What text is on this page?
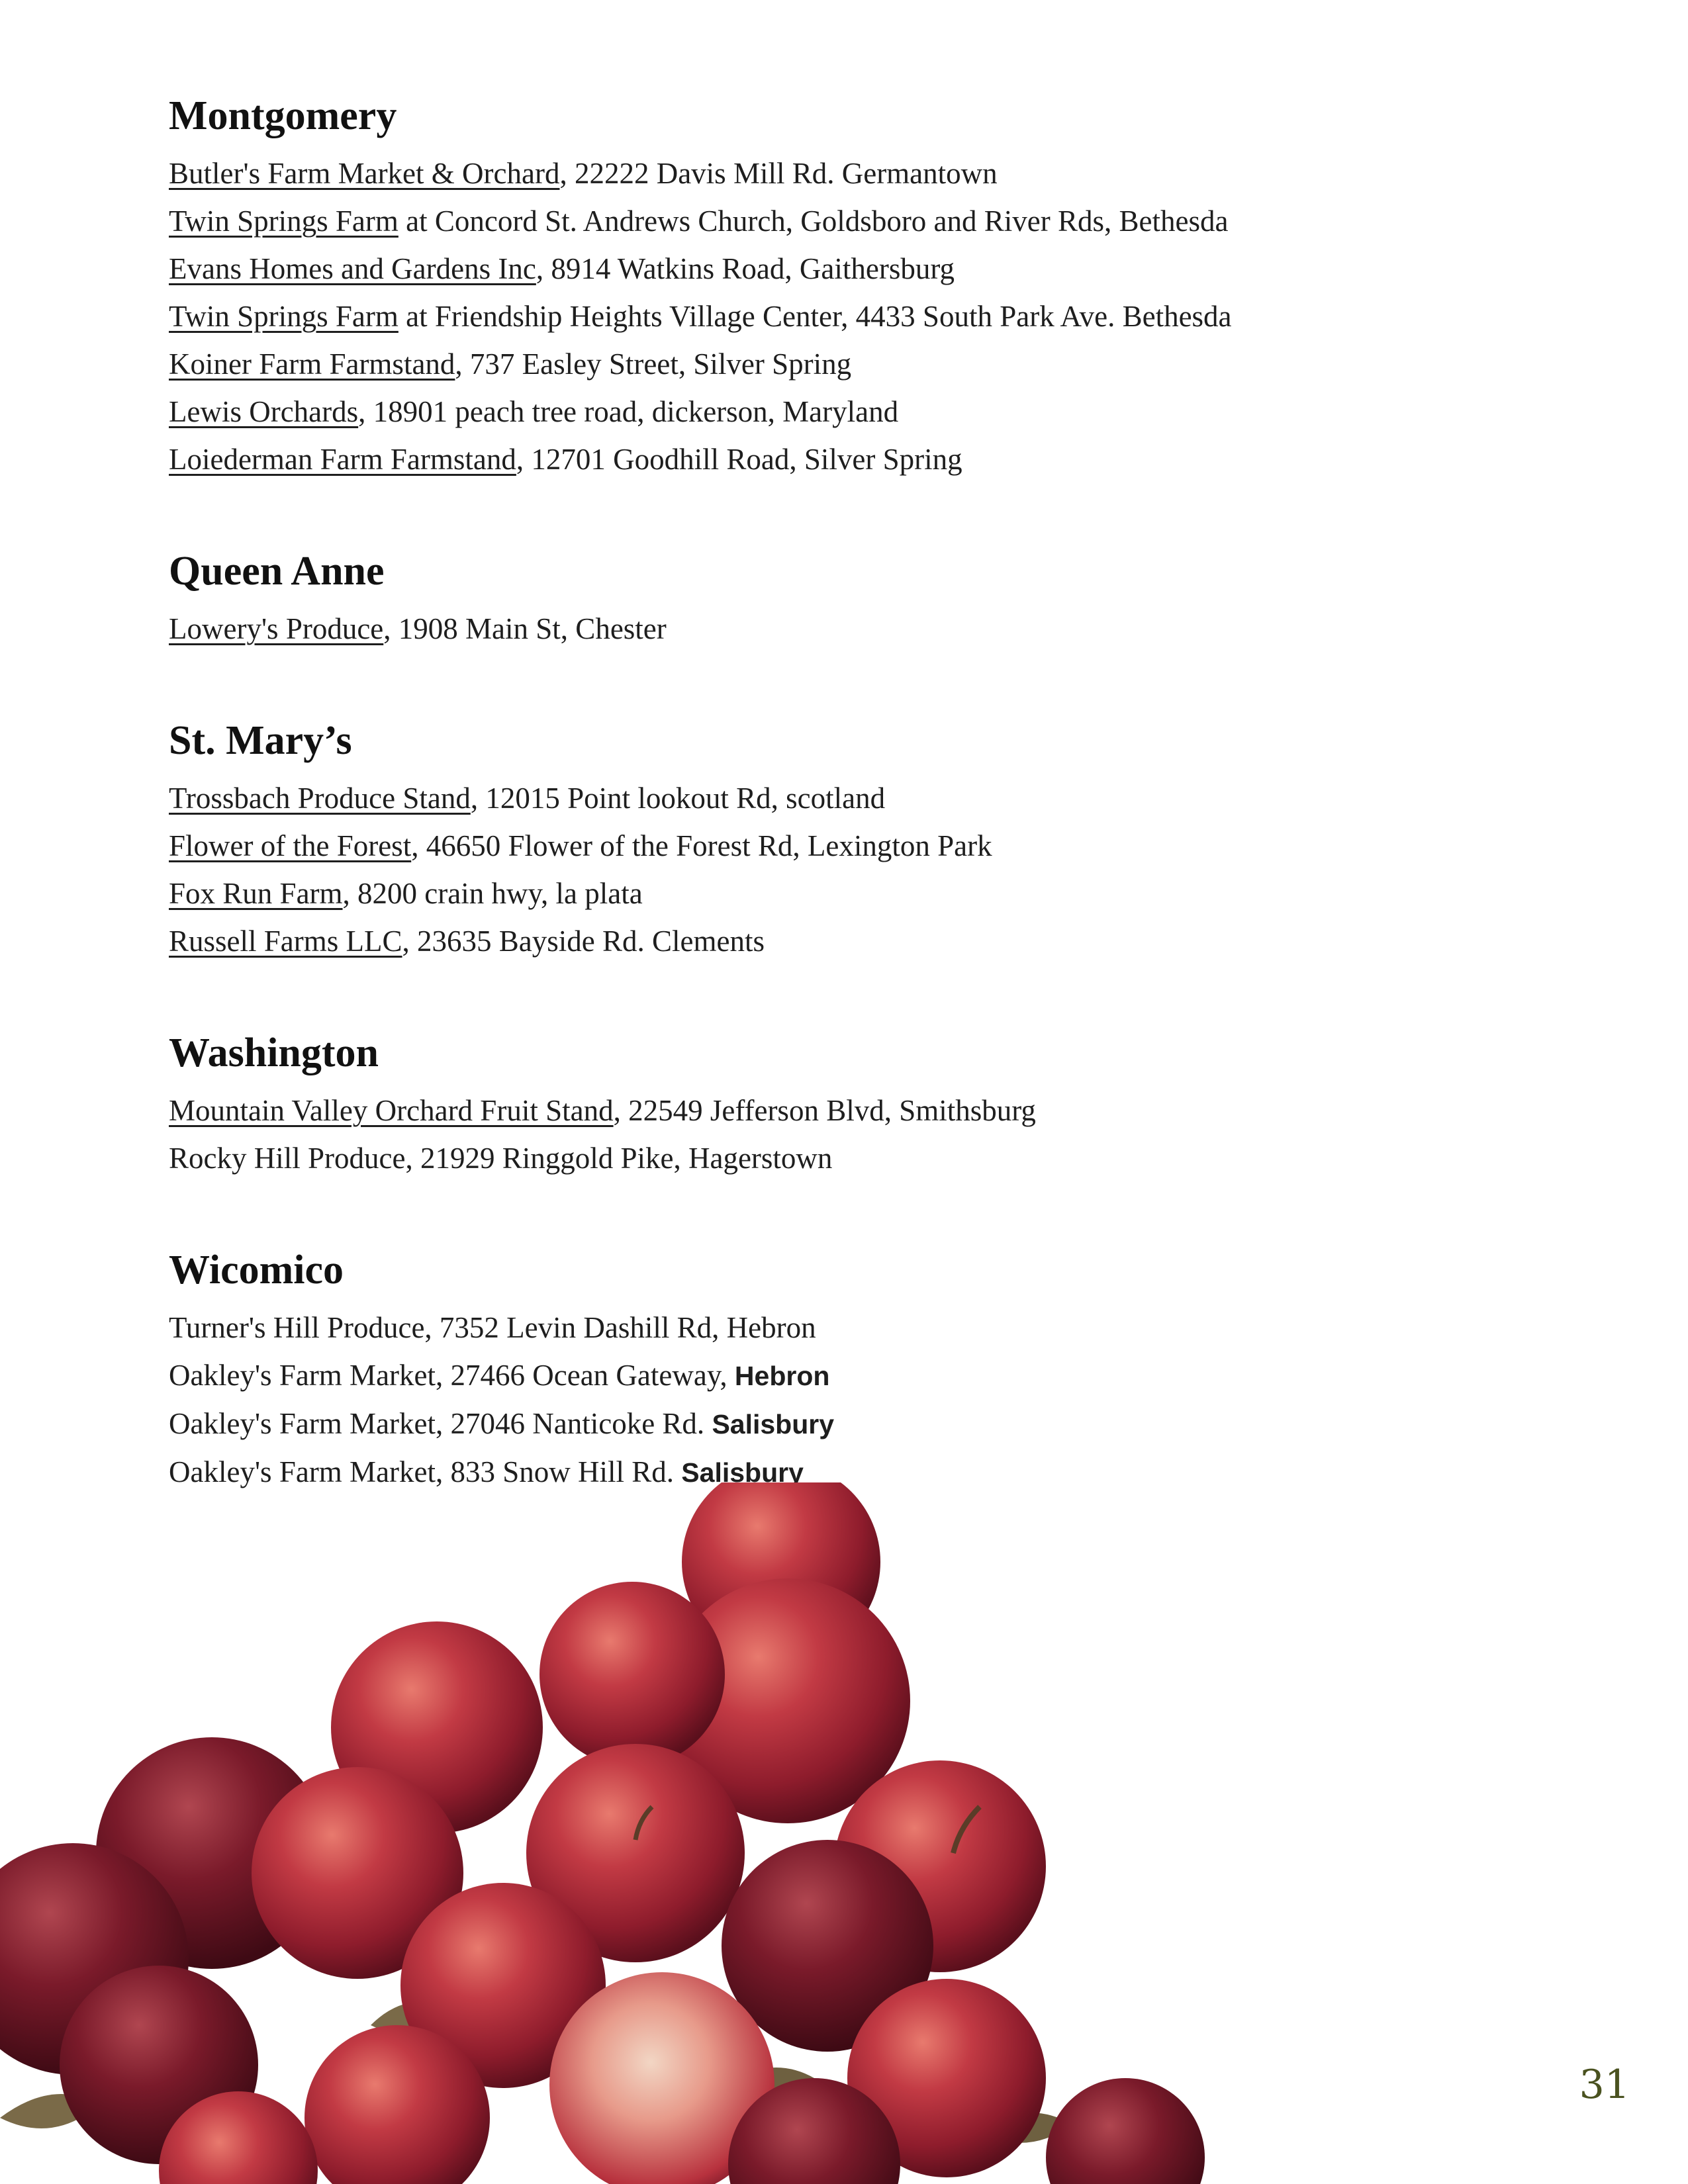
Montgomery
Butler's Farm Market & Orchard, 22222 Davis Mill Rd. Germantown
Twin Springs Farm at Concord St. Andrews Church, Goldsboro and River Rds, Bethesda
Evans Homes and Gardens Inc, 8914 Watkins Road, Gaithersburg
Twin Springs Farm at Friendship Heights Village Center, 4433 South Park Ave. Bethesda
Koiner Farm Farmstand, 737 Easley Street, Silver Spring
Lewis Orchards, 18901 peach tree road, dickerson, Maryland
Loiederman Farm Farmstand, 12701 Goodhill Road, Silver Spring
Queen Anne
Lowery's Produce, 1908 Main St, Chester
St. Mary’s
Trossbach Produce Stand, 12015 Point lookout Rd, scotland
Flower of the Forest, 46650 Flower of the Forest Rd, Lexington Park
Fox Run Farm, 8200 crain hwy, la plata
Russell Farms LLC, 23635 Bayside Rd. Clements
Washington
Mountain Valley Orchard Fruit Stand, 22549 Jefferson Blvd, Smithsburg
Rocky Hill Produce, 21929 Ringgold Pike, Hagerstown
Wicomico
Turner's Hill Produce, 7352 Levin Dashill Rd, Hebron
Oakley's Farm Market, 27466 Ocean Gateway, Hebron
Oakley's Farm Market, 27046 Nanticoke Rd. Salisbury
Oakley's Farm Market, 833 Snow Hill Rd. Salisbury
31
